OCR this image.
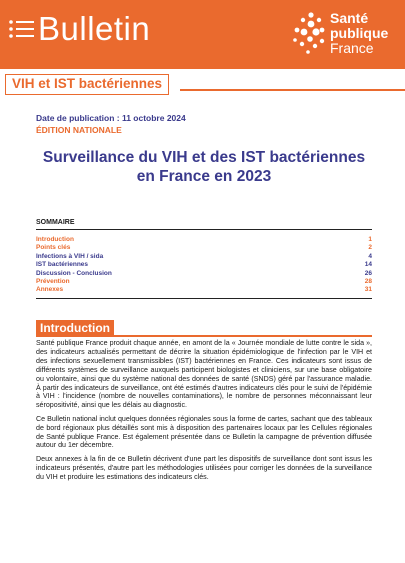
Bulletin	Santé
publique
France
VIH et IST bactériennes
Date de publication : 11 octobre 2024
ÉDITION NATIONALE
Surveillance du VIH et des IST bactériennes en France en 2023
SOMMAIRE
Introduction	1
Points clés	2
Infections à VIH / sida	4
IST bactériennes	14
Discussion - Conclusion	26
Prévention	28
Annexes	31
Introduction

Santé publique France produit chaque année, en amont de la « Journée mondiale de lutte contre le sida », des indicateurs actualisés permettant de décrire la situation épidémiologique de l'infection par le VIH et des infections sexuellement transmissibles (IST) bactériennes en France. Ces indicateurs sont issus de différents systèmes de surveillance auxquels participent biologistes et cliniciens, sur une base obligatoire ou volontaire, ainsi que du système national des données de santé (SNDS) géré par l'assurance maladie. À partir des indicateurs de surveillance, ont été estimés d'autres indicateurs clés pour le suivi de l'épidémie à VIH : l'incidence (nombre de nouvelles contaminations), le nombre de personnes méconnaissant leur séropositivité, ainsi que les délais au diagnostic.

Ce Bulletin national inclut quelques données régionales sous la forme de cartes, sachant que des tableaux de bord régionaux plus détaillés sont mis à disposition des partenaires locaux par les Cellules régionales de Santé publique France. Est également présentée dans ce Bulletin la campagne de prévention diffusée autour du 1er décembre.

Deux annexes à la fin de ce Bulletin décrivent d'une part les dispositifs de surveillance dont sont issus les indicateurs présentés, d'autre part les méthodologies utilisées pour corriger les données de la surveillance du VIH et produire les estimations des indicateurs clés.
